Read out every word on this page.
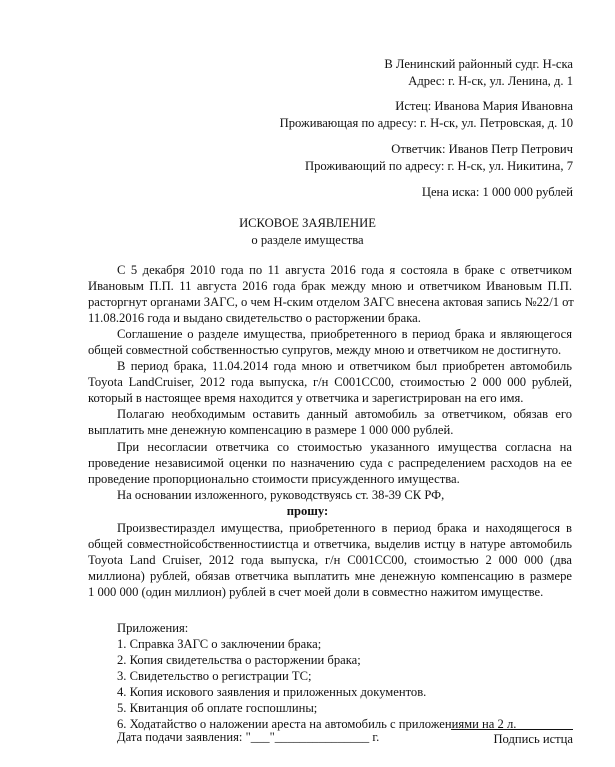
В Ленинский районный судг. Н-ска

Адрес: г. Н-ск, ул. Ленина, д. 1

Истец: Иванова Мария Ивановна

Проживающая по адресу: г. Н-ск, ул. Петровская, д. 10

Ответчик: Иванов Петр Петрович

Проживающий по адресу: г. Н-ск, ул. Никитина, 7

Цена иска: 1 000 000 рублей

ИСКОВОЕ ЗАЯВЛЕНИЕ

о разделе имущества

С 5 декабря 2010 года по 11 августа 2016 года я состояла в браке с ответчиком

Ивановым П.П. 11 августа 2016 года брак между мною и ответчиком Ивановым П.П.

расторгнут органами ЗАГС, о чем Н-ским отделом ЗАГС внесена актовая запись №22/1 от

11.08.2016 года и выдано свидетельство о расторжении брака.

Соглашение о разделе имущества, приобретенного в период брака и являющегося

общей совместной собственностью супругов, между мною и ответчиком не достигнуто.

В период брака, 11.04.2014 года мною и ответчиком был приобретен автомобиль

Toyota LandCruiser, 2012 года выпуска, г/н С001СС00, стоимостью 2 000 000 рублей,

который в настоящее время находится у ответчика и зарегистрирован на его имя.

Полагаю необходимым оставить данный автомобиль за ответчиком, обязав его

выплатить мне денежную компенсацию в размере 1 000 000 рублей.

При несогласии ответчика со стоимостью указанного имущества согласна на

проведение независимой оценки по назначению суда с распределением расходов на ее

проведение пропорционально стоимости присужденного имущества.

На основании изложенного, руководствуясь ст. 38-39 СК РФ,

прошу:

Произвестираздел имущества, приобретенного в период брака и находящегося в

общей совместнойсобственностиистца и ответчика, выделив истцу в натуре автомобиль

Toyota Land Cruiser, 2012 года выпуска, г/н С001СС00, стоимостью 2 000 000 (два

миллиона) рублей, обязав ответчика выплатить мне денежную компенсацию в размере

1 000 000 (один миллион) рублей в счет моей доли в совместно нажитом имуществе.

Приложения:

1. Справка ЗАГС о заключении брака;

2. Копия свидетельства о расторжении брака;

3. Свидетельство о регистрации ТС;

4. Копия искового заявления и приложенных документов.

5. Квитанция об оплате госпошлины;

6. Ходатайство о наложении ареста на автомобиль с приложениями на 2 л.

Дата подачи заявления: "___"_______________ г.	Подпись истца
